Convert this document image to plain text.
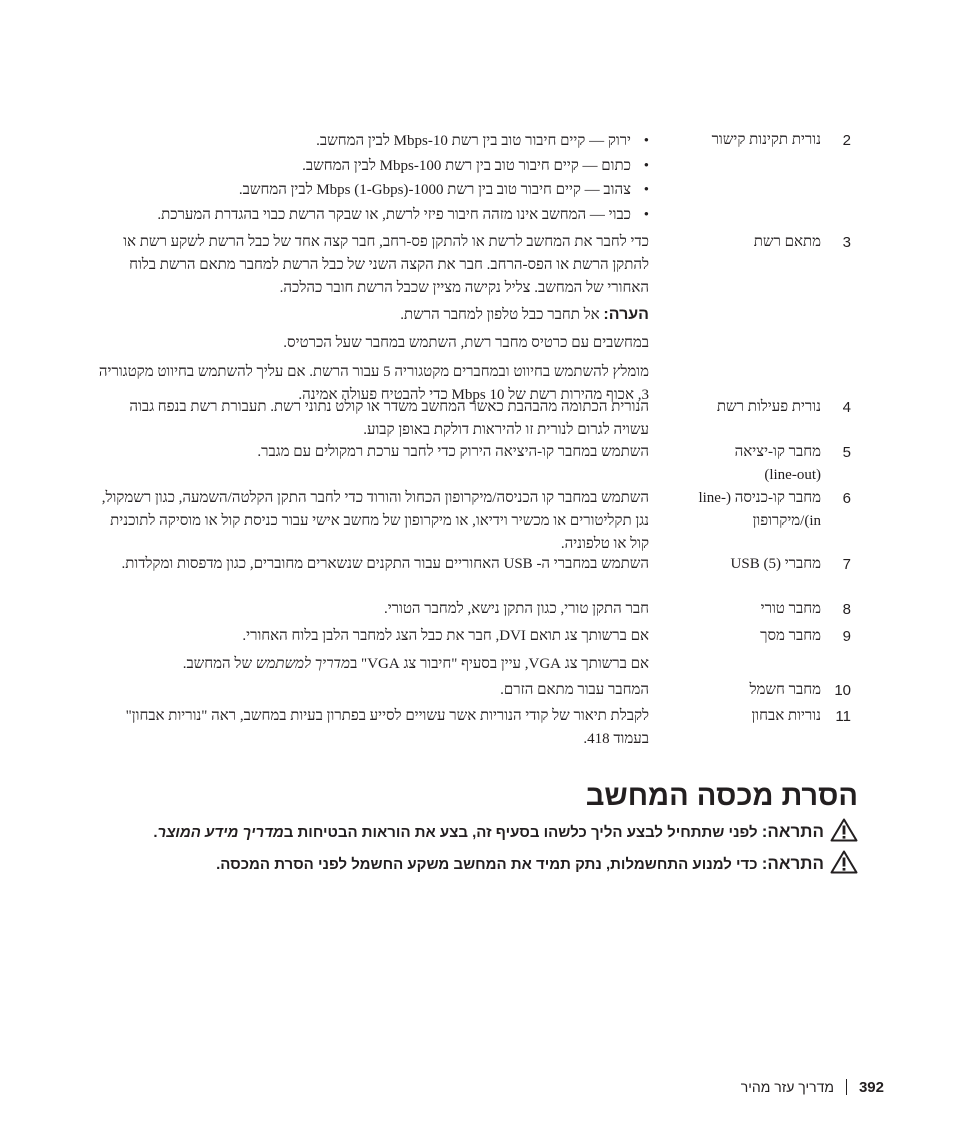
2
נורית תקינות קישור
• ירוק — קיים חיבור טוב בין רשת 10-Mbps לבין המחשב.
• כתום — קיים חיבור טוב בין רשת 100-Mbps לבין המחשב.
• צהוב — קיים חיבור טוב בין רשת 1000-Mbps (1-Gbps) לבין המחשב.
• כבוי — המחשב אינו מזהה חיבור פיזי לרשת, או שבקר הרשת כבוי בהגדרת המערכת.
3
מתאם רשת

כדי לחבר את המחשב לרשת או להתקן פס-רחב, חבר קצה אחד של כבל הרשת לשקע רשת או להתקן הרשת או הפס-הרחב. חבר את הקצה השני של כבל הרשת למחבר מתאם הרשת בלוח האחורי של המחשב. צליל נקישה מציין שכבל הרשת חובר כהלכה.

הערה: אל תחבר כבל טלפון למחבר הרשת.

במחשבים עם כרטיס מחבר רשת, השתמש במחבר שעל הכרטיס.

מומלץ להשתמש בחיווט ובמחברים מקטגוריה 5 עבור הרשת. אם עליך להשתמש בחיווט מקטגוריה 3, אכוף מהירות רשת של 10 Mbps כדי להבטיח פעולה אמינה.

4
נורית פעילות רשת

הנורית הכתומה מהבהבת כאשר המחשב משדר או קולט נתוני רשת. תעבורת רשת בנפח גבוה עשויה לגרום לנורית זו להיראות דולקת באופן קבוע.

5
מחבר קו-יציאה (line-out)

השתמש במחבר קו-היציאה הירוק כדי לחבר ערכת רמקולים עם מגבר.

6
מחבר קו-כניסה (line-in)/מיקרופון

השתמש במחבר קו הכניסה/מיקרופון הכחול והורוד כדי לחבר התקן הקלטה/השמעה, כגון רשמקול, נגן תקליטורים או מכשיר וידיאו, או מיקרופון של מחשב אישי עבור כניסת קול או מוסיקה לתוכנית קול או טלפוניה.

7
מחברי USB (5)

השתמש במחברי ה- USB האחוריים עבור התקנים שנשארים מחוברים, כגון מדפסות ומקלדות.

8
מחבר טורי

חבר התקן טורי, כגון התקן נישא, למחבר הטורי.

9
מחבר מסך

אם ברשותך צג תואם DVI, חבר את כבל הצג למחבר הלבן בלוח האחורי.

אם ברשותך צג VGA, עיין בסעיף "חיבור צג VGA" במדריך למשתמש של המחשב.

10
מחבר חשמל

המחבר עבור מתאם הזרם.

11
נוריות אבחון

לקבלת תיאור של קודי הנוריות אשר עשויים לסייע בפתרון בעיות במחשב, ראה "נוריות אבחון" בעמוד 418.

הסרת מכסה המחשב
התראה: לפני שתתחיל לבצע הליך כלשהו בסעיף זה, בצע את הוראות הבטיחות במדריך מידע המוצר.
התראה: כדי למנוע התחשמלות, נתק תמיד את המחשב משקע החשמל לפני הסרת המכסה.
392מדריך עזר מהיר
